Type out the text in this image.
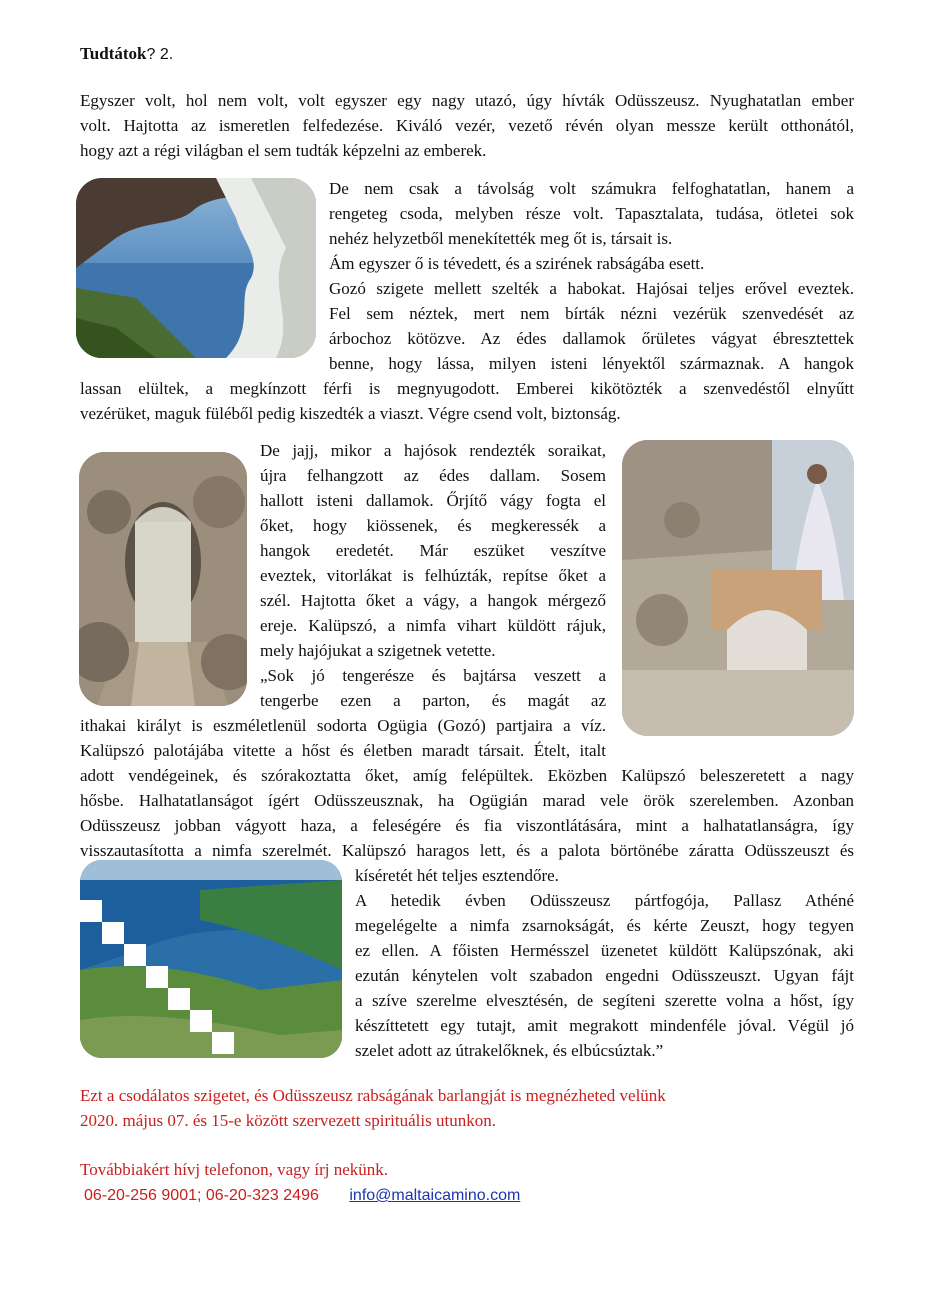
Tudtátok? 2.
Egyszer volt, hol nem volt, volt egyszer egy nagy utazó, úgy hívták Odüsszeusz. Nyughatatlan ember
volt. Hajtotta az ismeretlen felfedezése. Kiváló vezér, vezető révén olyan messze került otthonától,
hogy azt a régi világban el sem tudták képzelni az emberek.
De nem csak a távolság volt számukra felfoghatatlan, hanem a
rengeteg csoda, melyben része volt. Tapasztalata, tudása, ötletei sok
nehéz helyzetből menekítették meg őt is, társait is.
Ám egyszer ő is tévedett, és a szirének rabságába esett.
Gozó szigete mellett szelték a habokat. Hajósai teljes erővel eveztek.
Fel sem néztek, mert nem bírták nézni vezérük szenvedését az
árbochoz kötözve. Az édes dallamok őrületes vágyat ébresztettek
benne, hogy lássa, milyen isteni lényektől származnak. A hangok
lassan elültek, a megkínzott férfi is megnyugodott. Emberei kikötözték a szenvedéstől elnyűtt
vezérüket, maguk füléből pedig kiszedték a viaszt. Végre csend volt, biztonság.
De jajj, mikor a hajósok rendezték soraikat,
újra felhangzott az édes dallam. Sosem
hallott isteni dallamok. Őrjítő vágy fogta el
őket, hogy kiössenek, és megkeressék a
hangok eredetét. Már eszüket veszítve
eveztek, vitorlákat is felhúzták, repítse őket a
szél. Hajtotta őket a vágy, a hangok mérgező
ereje. Kalüpszó, a nimfa vihart küldött rájuk,
mely hajójukat a szigetnek vetette.
„Sok jó tengerésze és bajtársa veszett a
tengerbe ezen a parton, és magát az
ithakai királyt is eszméletlenül sodorta Ogügia (Gozó) partjaira a víz.
Kalüpszó palotájába vitette a hőst és életben maradt társait. Ételt, italt
adott vendégeinek, és szórakoztatta őket, amíg felépültek. Eközben Kalüpszó beleszeretett a nagy
hősbe. Halhatatlanságot ígért Odüsszeusznak, ha Ogügián marad vele örök szerelemben. Azonban
Odüsszeusz jobban vágyott haza, a feleségére és fia viszontlátására, mint a halhatatlanságra, így
visszautasította a nimfa szerelmét. Kalüpszó haragos lett, és a palota börtönébe záratta Odüsszeuszt és
kíséretét hét teljes esztendőre.
A hetedik évben Odüsszeusz pártfogója, Pallasz Athéné
megelégelte a nimfa zsarnokságát, és kérte Zeuszt, hogy tegyen
ez ellen. A főisten Hermésszel üzenetet küldött Kalüpszónak, aki
ezután kénytelen volt szabadon engedni Odüsszeuszt. Ugyan fájt
a szíve szerelme elvesztésén, de segíteni szerette volna a hőst, így
készíttetett egy tutajt, amit megrakott mindenféle jóval. Végül jó
szelet adott az útrakelőknek, és elbúcsúztak.”
Ezt a csodálatos szigetet, és Odüsszeusz rabságának barlangját is megnézheted velünk
2020. május 07. és 15-e között szervezett spirituális utunkon.
Továbbiakért hívj telefonon, vagy írj nekünk.
06-20-256 9001; 06-20-323 2496 info@maltaicamino.com
